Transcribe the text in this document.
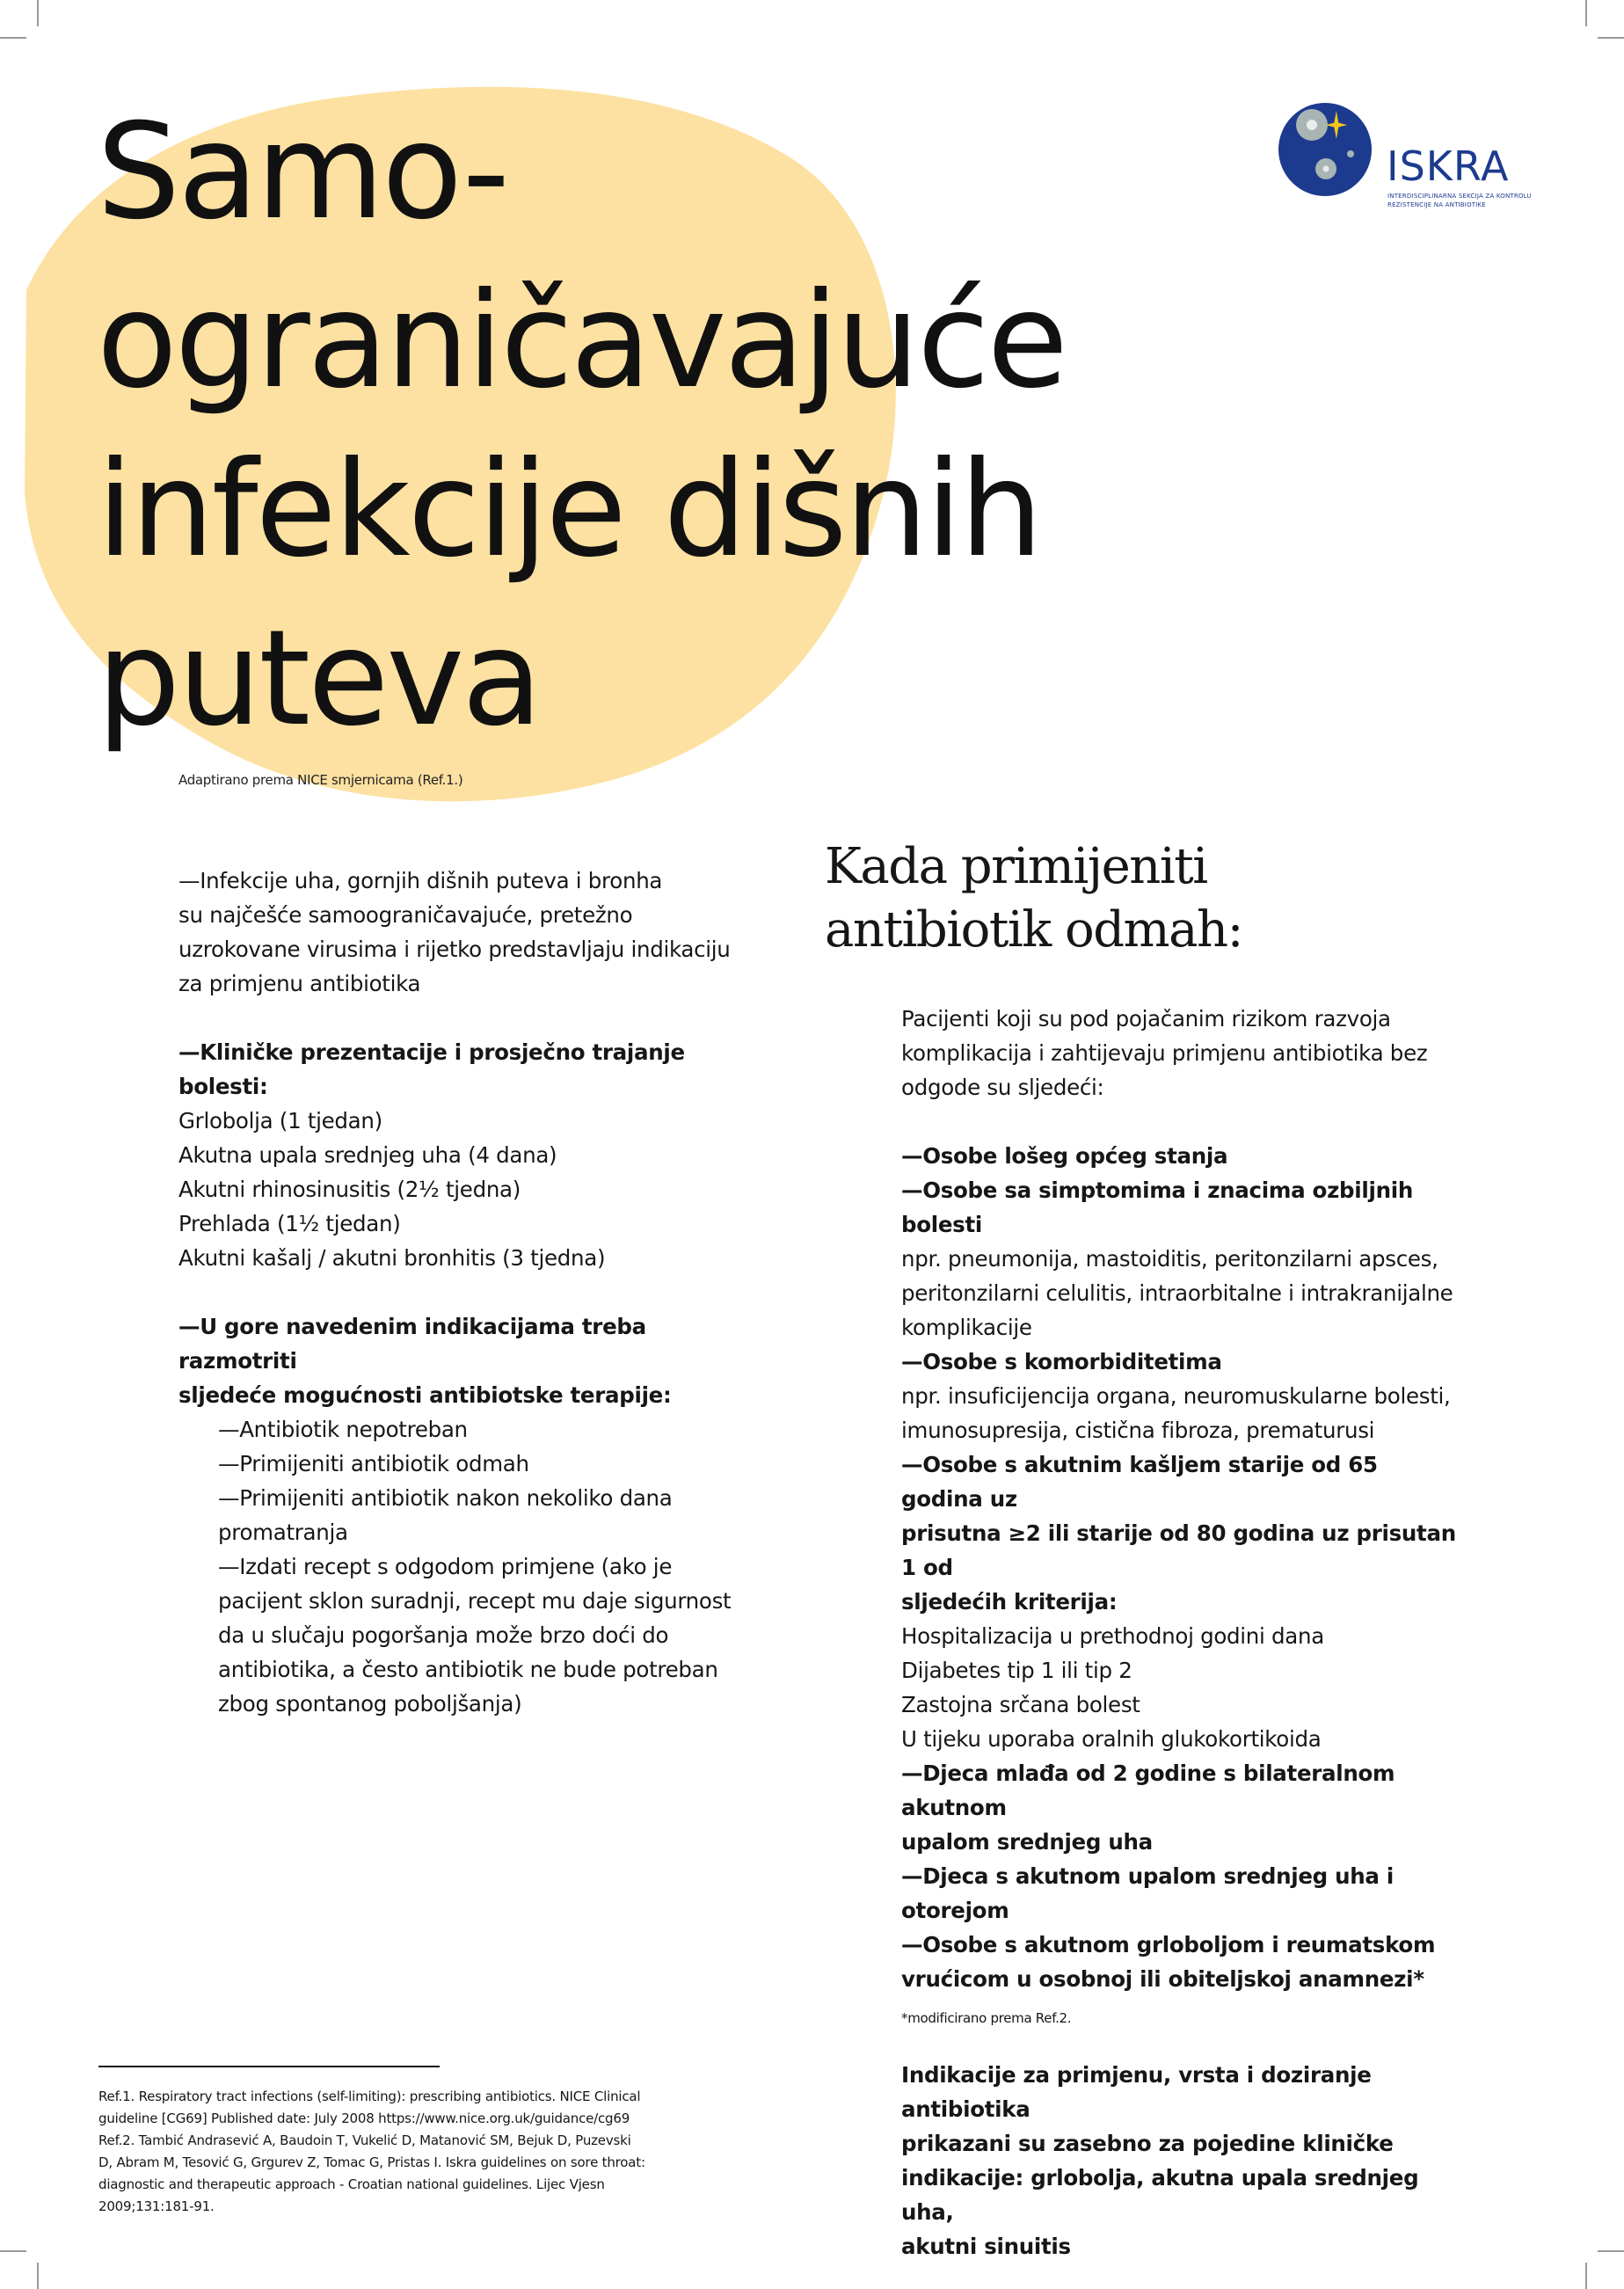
Samo-
ograničavajuće
infekcije dišnih
puteva

Adaptirano prema NICE smjernicama (Ref.1.)

ISKRA

INTERDISCIPLINARNA SEKCIJA ZA KONTROLU
REZISTENCIJE NA ANTIBIOTIKE

—Infekcije uha, gornjih dišnih puteva i bronha
su najčešće samoograničavajuće, pretežno
uzrokovane virusima i rijetko predstavljaju indikaciju
za primjenu antibiotika
—Kliničke prezentacije i prosječno trajanje bolesti:
Grlobolja (1 tjedan)
Akutna upala srednjeg uha (4 dana)
Akutni rhinosinusitis (2½ tjedna)
Prehlada (1½ tjedan)
Akutni kašalj / akutni bronhitis (3 tjedna)
—U gore navedenim indikacijama treba razmotriti
sljedeće mogućnosti antibiotske terapije:
—Antibiotik nepotreban
—Primijeniti antibiotik odmah
—Primijeniti antibiotik nakon nekoliko dana
promatranja
—Izdati recept s odgodom primjene (ako je
pacijent sklon suradnji, recept mu daje sigurnost
da u slučaju pogoršanja može brzo doći do
antibiotika, a često antibiotik ne bude potreban
zbog spontanog poboljšanja)
Kada primijeniti
antibiotik odmah:
Pacijenti koji su pod pojačanim rizikom razvoja
komplikacija i zahtijevaju primjenu antibiotika bez
odgode su sljedeći:
—Osobe lošeg općeg stanja
—Osobe sa simptomima i znacima ozbiljnih bolesti
npr. pneumonija, mastoiditis, peritonzilarni apsces,
peritonzilarni celulitis, intraorbitalne i intrakranijalne
komplikacije
—Osobe s komorbiditetima
npr. insuficijencija organa, neuromuskularne bolesti,
imunosupresija, cistična fibroza, prematurusi
—Osobe s akutnim kašljem starije od 65 godina uz
prisutna ≥2 ili starije od 80 godina uz prisutan 1 od
sljedećih kriterija:
Hospitalizacija u prethodnoj godini dana
Dijabetes tip 1 ili tip 2
Zastojna srčana bolest
U tijeku uporaba oralnih glukokortikoida
—Djeca mlađa od 2 godine s bilateralnom akutnom
upalom srednjeg uha
—Djeca s akutnom upalom srednjeg uha i otorejom
—Osobe s akutnom grloboljom i reumatskom
vrućicom u osobnoj ili obiteljskoj anamnezi*
*modificirano prema Ref.2.
Indikacije za primjenu, vrsta i doziranje antibiotika
prikazani su zasebno za pojedine kliničke
indikacije: grlobolja, akutna upala srednjeg uha,
akutni sinuitis
Ref.1. Respiratory tract infections (self-limiting): prescribing antibiotics. NICE Clinical
guideline [CG69] Published date: July 2008 https://www.nice.org.uk/guidance/cg69
Ref.2. Tambić Andrasević A, Baudoin T, Vukelić D, Matanović SM, Bejuk D, Puzevski
D, Abram M, Tesović G, Grgurev Z, Tomac G, Pristas I. Iskra guidelines on sore throat:
diagnostic and therapeutic approach - Croatian national guidelines. Lijec Vjesn
2009;131:181-91.
